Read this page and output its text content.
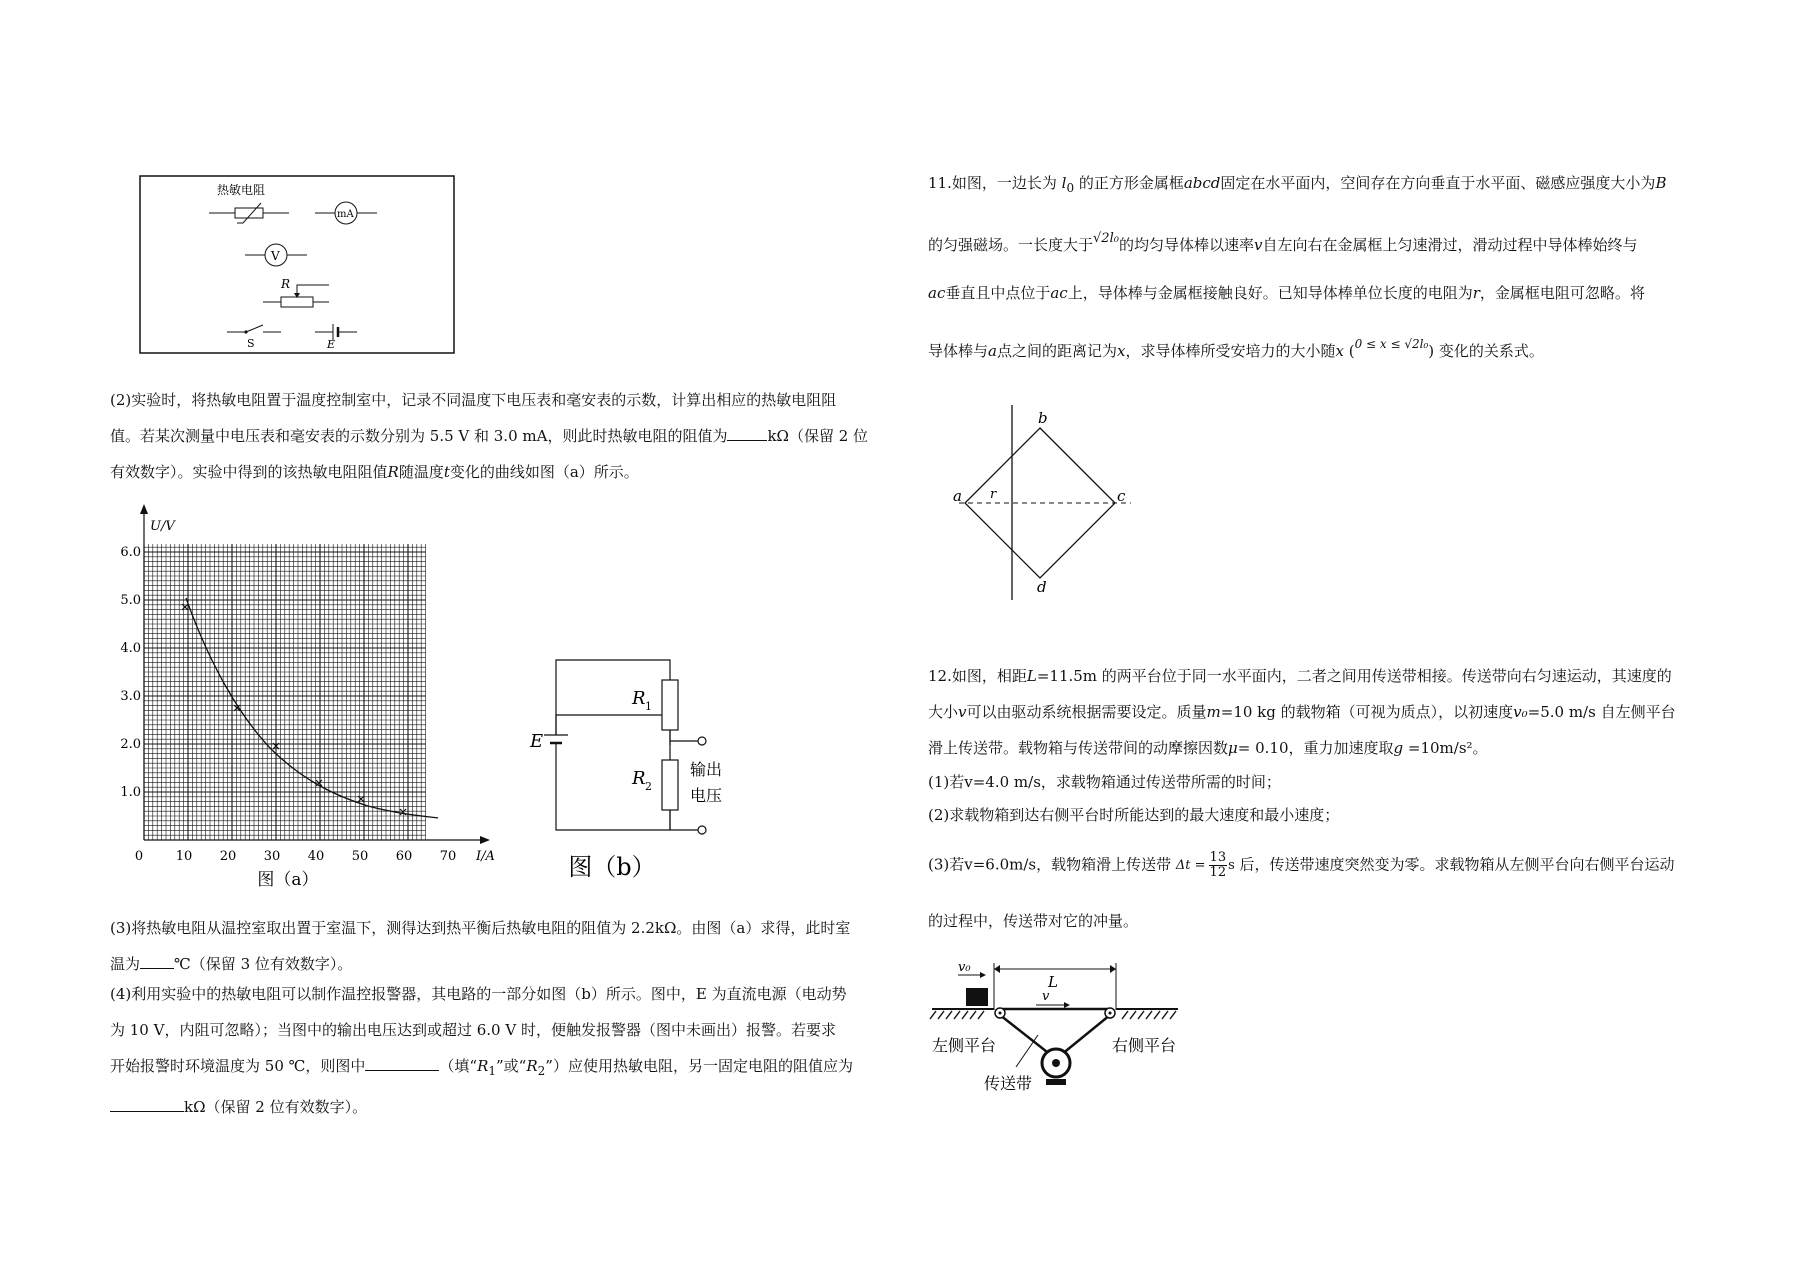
热敏电阻
mA
V
R
S	E

(2)实验时，将热敏电阻置于温度控制室中，记录不同温度下电压表和毫安表的示数，计算出相应的热敏电阻阻

值。若某次测量中电压表和毫安表的示数分别为 5.5 V 和 3.0 mA，则此时热敏电阻的阻值为	kΩ（保留 2 位

有效数字）。实验中得到的该热敏电阻阻值R随温度t变化的曲线如图（a）所示。

U/V
I/A
0
1.0
2.0
3.0
4.0
5.0
6.0
10 20 30 40 50 60 70
图（a）
E
R 1
R 2
输出
电压
图（b）

(3)将热敏电阻从温控室取出置于室温下，测得达到热平衡后热敏电阻的阻值为 2.2kΩ。由图（a）求得，此时室

温为 ℃（保留 3 位有效数字）。

(4)利用实验中的热敏电阻可以制作温控报警器，其电路的一部分如图（b）所示。图中，E 为直流电源（电动势

为 10 V，内阻可忽略）；当图中的输出电压达到或超过 6.0 V 时，便触发报警器（图中未画出）报警。若要求

开始报警时环境温度为 50 ℃，则图中	（填“$R_1$”或“$R_2$”）应使用热敏电阻，另一固定电阻的阻值应为

kΩ（保留 2 位有效数字）。

11.如图，一边长为 $l_0$ 的正方形金属框abcd固定在水平面内，空间存在方向垂直于水平面、磁感应强度大小为B

的匀强磁场。一长度大于√2l₀的均匀导体棒以速率v自左向右在金属框上匀速滑过，滑动过程中导体棒始终与

ac垂直且中点位于ac上，导体棒与金属框接触良好。已知导体棒单位长度的电阻为r，金属框电阻可忽略。将

导体棒与a点之间的距离记为x，求导体棒所受安培力的大小随x ($^{0 \le x \le √2l_0}$) 变化的关系式。

b
a	c
d
r

12.如图，相距L=11.5m 的两平台位于同一水平面内，二者之间用传送带相接。传送带向右匀速运动，其速度的

大小v可以由驱动系统根据需要设定。质量m=10 kg 的载物箱（可视为质点），以初速度v₀=5.0 m/s 自左侧平台

滑上传送带。载物箱与传送带间的动摩擦因数μ= 0.10，重力加速度取g =10m/s²。

(1)若v=4.0 m/s，求载物箱通过传送带所需的时间；

(2)求载物箱到达右侧平台时所能达到的最大速度和最小速度；

(3)若v=6.0m/s，载物箱滑上传送带 $\Delta t = \frac{13}{12}$ s 后，传送带速度突然变为零。求载物箱从左侧平台向右侧平台运动

的过程中，传送带对它的冲量。

v₀
L
v
左侧平台	右侧平台
传送带
